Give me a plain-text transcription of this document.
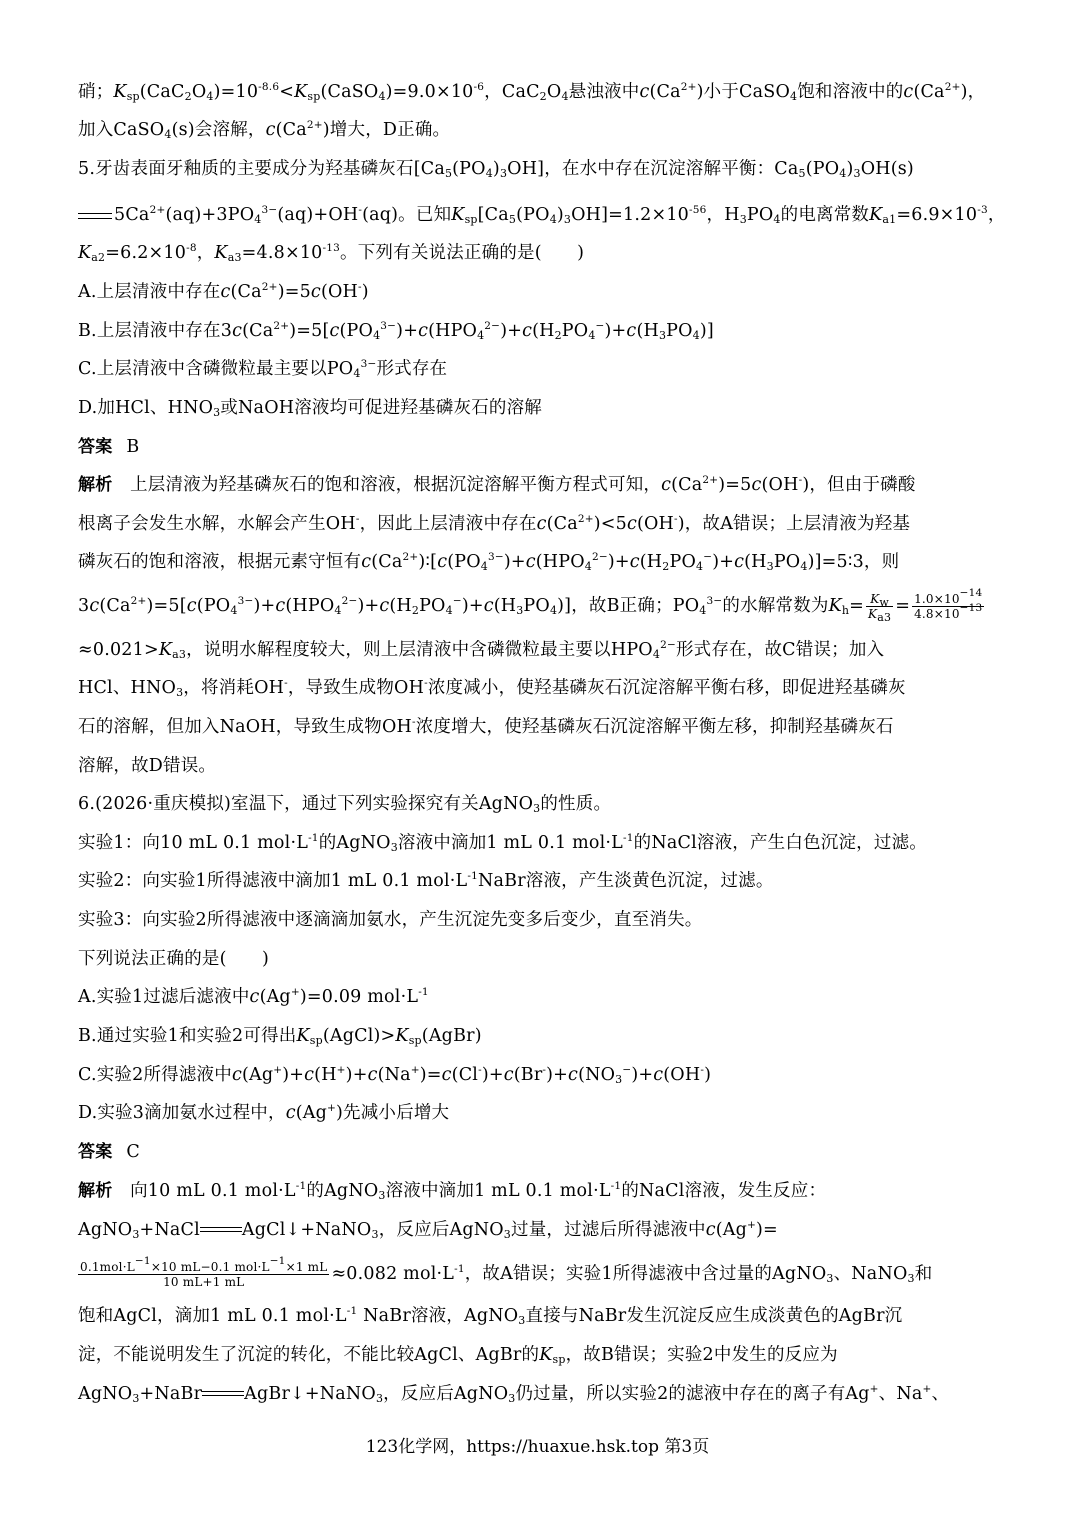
硝；$K_{sp}(CaC_2O_4)=10^{-8.6}<K_{sp}(CaSO_4)=9.0\times 10^{-6}$，$CaC_2O_4$悬浊液中$c(Ca^{2+})$小于CaSO$_4$饱和溶液中的$c(Ca^{2+})$，
加入CaSO$_4$(s)会溶解，$c(Ca^{2+})$增大，D正确。
5.牙齿表面牙釉质的主要成分为羟基磷灰石$[Ca_5(PO_4)_3OH]$，在水中存在沉淀溶解平衡：$Ca_5(PO_4)_3OH(s)$
$5Ca^{2+}(aq)+3PO_4^{3-}(aq)+OH^-(aq)$。已知$K_{sp}[Ca_5(PO_4)_3OH]=1.2\times 10^{-56}$，$H_3PO_4$的电离常数$K_{a1}=6.9\times 10^{-3}$，
$K_{a2}=6.2\times 10^{-8}$，$K_{a3}=4.8\times 10^{-13}$。下列有关说法正确的是(　　)
A.上层清液中存在$c(Ca^{2+})=5c(OH^-)$
B.上层清液中存在$3c(Ca^{2+})=5[c(PO_4^{3-})+c(HPO_4^{2-})+c(H_2PO_4^-)+c(H_3PO_4)]$
C.上层清液中含磷微粒最主要以$PO_4^{3-}$形式存在
D.加HCl、$HNO_3$或NaOH溶液均可促进羟基磷灰石的溶解
答案 B
解析　上层清液为羟基磷灰石的饱和溶液，根据沉淀溶解平衡方程式可知，$c(Ca^{2+})=5c(OH^-)$，但由于磷酸
根离子会发生水解，水解会产生OH-，因此上层清液中存在$c(Ca^{2+})<5c(OH^-)$，故A错误；上层清液为羟基
磷灰石的饱和溶液，根据元素守恒有$c(Ca^{2+})∶[c(PO_4^{3-})+c(HPO_4^{2-})+c(H_2PO_4^-)+c(H_3PO_4)]=5∶3$，则
$3c(Ca^{2+})=5[c(PO_4^{3-})+c(HPO_4^{2-})+c(H_2PO_4^-)+c(H_3PO_4)]$，故B正确；$PO_4^{3-}$的水解常数为$K_h= \frac{K_w}{K_{a3}} = \frac{1.0\times 10^{-14}}{4.8\times 10^{-13}}$
$\approx 0.021>K_{a3}$，说明水解程度较大，则上层清液中含磷微粒最主要以$HPO_4^{2-}$形式存在，故C错误；加入
HCl、$HNO_3$，将消耗OH-，导致生成物OH-浓度减小，使羟基磷灰石沉淀溶解平衡右移，即促进羟基磷灰
石的溶解，但加入NaOH，导致生成物OH-浓度增大，使羟基磷灰石沉淀溶解平衡左移，抑制羟基磷灰石
溶解，故D错误。
6.(2026·重庆模拟)室温下，通过下列实验探究有关AgNO$_3$的性质。
实验1：向10 mL 0.1 $mol\cdot L^{-1}$的AgNO$_3$溶液中滴加1 mL 0.1 $mol\cdot L^{-1}$的NaCl溶液，产生白色沉淀，过滤。
实验2：向实验1所得滤液中滴加1 mL 0.1 $mol\cdot L^{-1}NaBr$溶液，产生淡黄色沉淀，过滤。
实验3：向实验2所得滤液中逐滴滴加氨水，产生沉淀先变多后变少，直至消失。
下列说法正确的是(　　)
A.实验1过滤后滤液中c(Ag+)=0.09 $mol\cdot L^{-1}$
B.通过实验1和实验2可得出$K_{sp}(AgCl)>K_{sp}(AgBr)$
C.实验2所得滤液中$c(Ag^+)+c(H^+)+c(Na^+)=c(Cl^-)+c(Br^-)+c(NO_3^-)+c(OH^-)$
D.实验3滴加氨水过程中，c(Ag+)先减小后增大
答案 C
解析　向10 mL 0.1 $mol\cdot L^{-1}$的AgNO$_3$溶液中滴加1 mL 0.1 $mol\cdot L^{-1}$的NaCl溶液，发生反应：
AgNO$_3$+NaCl AgCl↓+NaNO$_3$，反应后AgNO$_3$过量，过滤后所得滤液中c(Ag+)=
$\frac{0.1mol\cdot L^{-1}\times 10 mL-0.1 mol\cdot L^{-1}\times 1 mL}{10 mL+1 mL} \approx 0.082$ $mol\cdot L^{-1}$，故A错误；实验1所得滤液中含过量的AgNO$_3$、NaNO$_3$和
饱和AgCl，滴加1 mL 0.1 $mol\cdot L^{-1}$ NaBr溶液，AgNO$_3$直接与NaBr发生沉淀反应生成淡黄色的AgBr沉
淀，不能说明发生了沉淀的转化，不能比较AgCl、AgBr的$K_{sp}$，故B错误；实验2中发生的反应为
AgNO$_3$+NaBr AgBr↓+NaNO$_3$，反应后AgNO$_3$仍过量，所以实验2的滤液中存在的离子有Ag+、Na+、
123化学网，https://huaxue.hsk.top 第3页
